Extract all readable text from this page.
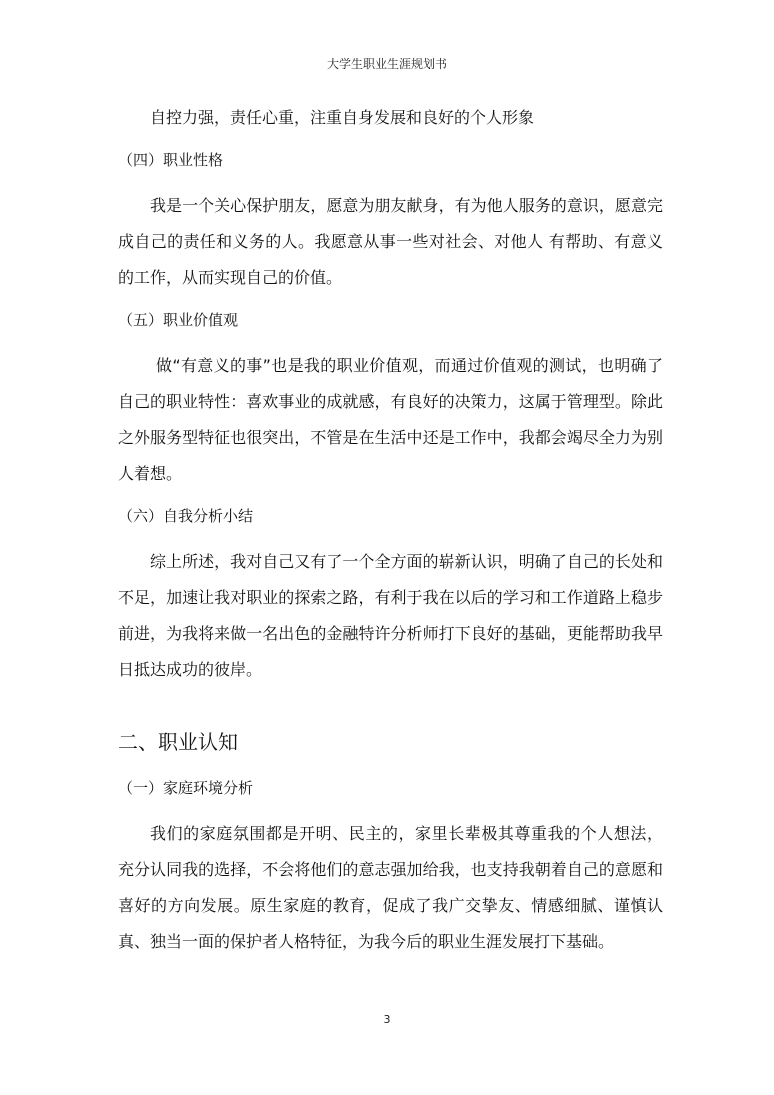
大学生职业生涯规划书

自控力强，责任心重，注重自身发展和良好的个人形象

（四）职业性格

我是一个关心保护朋友，愿意为朋友献身，有为他人服务的意识，愿意完成自己的责任和义务的人。我愿意从事一些对社会、对他人 有帮助、有意义的工作，从而实现自己的价值。

（五）职业价值观

做“有意义的事”也是我的职业价值观，而通过价值观的测试，也明确了自己的职业特性：喜欢事业的成就感，有良好的决策力，这属于管理型。除此之外服务型特征也很突出，不管是在生活中还是工作中，我都会竭尽全力为别人着想。

（六）自我分析小结

综上所述，我对自己又有了一个全方面的崭新认识，明确了自己的长处和不足，加速让我对职业的探索之路，有利于我在以后的学习和工作道路上稳步前进，为我将来做一名出色的金融特许分析师打下良好的基础，更能帮助我早日抵达成功的彼岸。

二、职业认知

（一）家庭环境分析

我们的家庭氛围都是开明、民主的，家里长辈极其尊重我的个人想法， 充分认同我的选择，不会将他们的意志强加给我，也支持我朝着自己的意愿和喜好的方向发展。原生家庭的教育，促成了我广交挚友、情感细腻、谨慎认真、独当一面的保护者人格特征，为我今后的职业生涯发展打下基础。

3
